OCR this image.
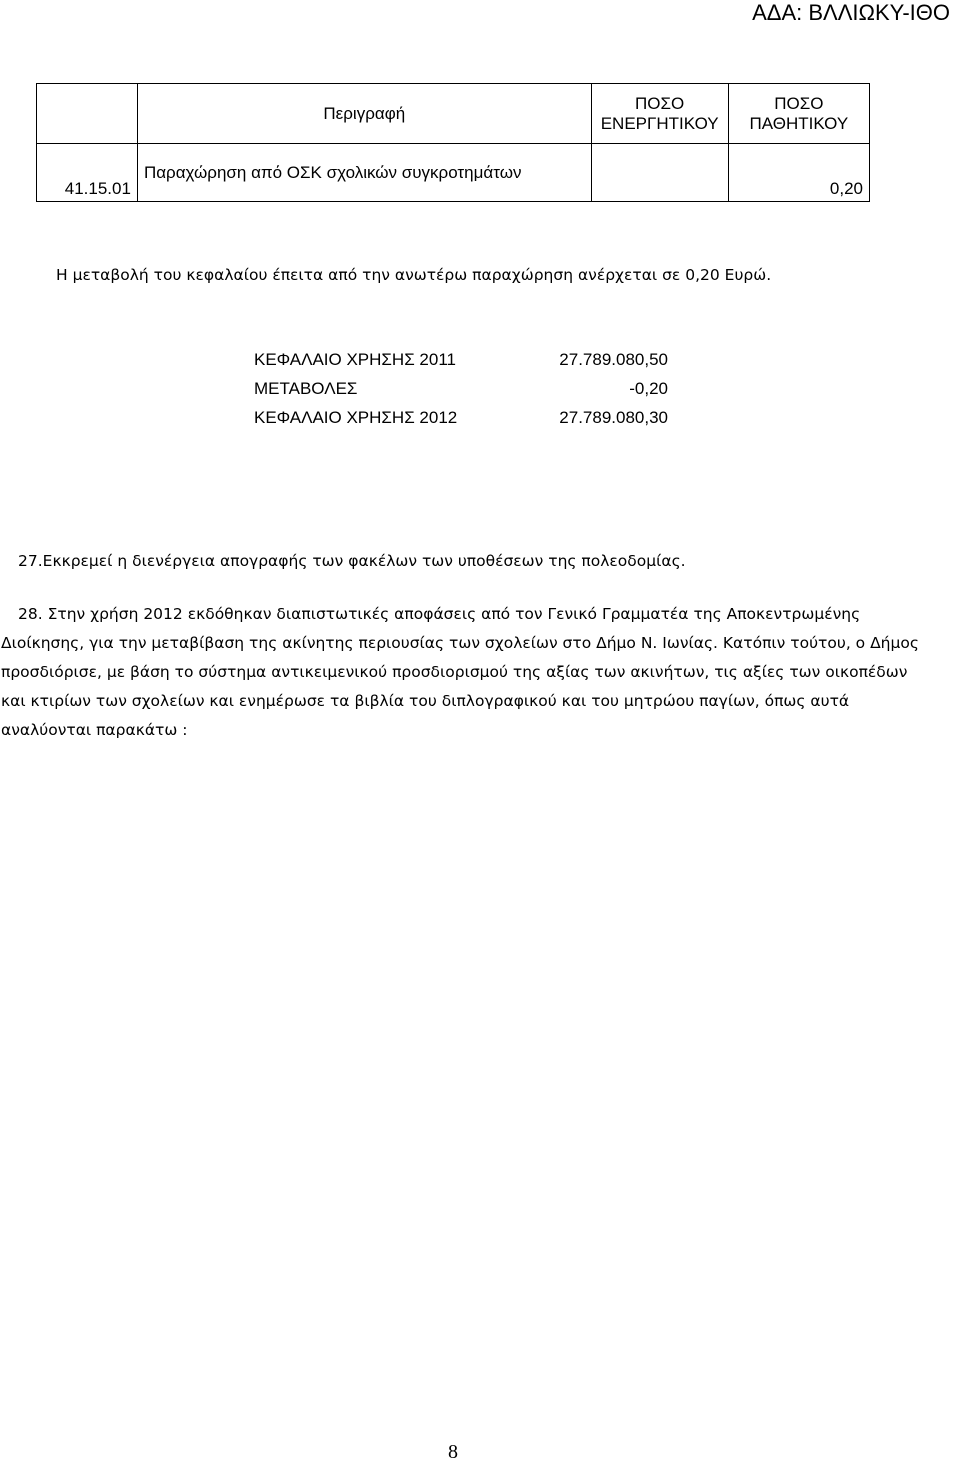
ΑΔΑ: ΒΛΛΙΩΚΥ-ΙΘΟ
	Περιγραφή	ΠΟΣΟ ΕΝΕΡΓΗΤΙΚΟΥ	ΠΟΣΟ ΠΑΘΗΤΙΚΟΥ
41.15.01	Παραχώρηση από ΟΣΚ σχολικών συγκροτημάτων		0,20
Η μεταβολή του κεφαλαίου έπειτα από την ανωτέρω παραχώρηση ανέρχεται σε 0,20 Ευρώ.
ΚΕΦΑΛΑΙΟ ΧΡΗΣΗΣ 2011	27.789.080,50
ΜΕΤΑΒΟΛΕΣ	-0,20
ΚΕΦΑΛΑΙΟ ΧΡΗΣΗΣ 2012	27.789.080,30
27.Εκκρεμεί η διενέργεια απογραφής των φακέλων των υποθέσεων της πολεοδομίας.
28. Στην χρήση 2012 εκδόθηκαν διαπιστωτικές αποφάσεις από τον Γενικό Γραμματέα της Αποκεντρωμένης Διοίκησης, για την μεταβίβαση της ακίνητης περιουσίας των σχολείων στο Δήμο Ν. Ιωνίας. Κατόπιν τούτου, ο Δήμος προσδιόρισε, με βάση το σύστημα αντικειμενικού προσδιορισμού της αξίας των ακινήτων, τις αξίες των οικοπέδων και κτιρίων των σχολείων και ενημέρωσε τα βιβλία του διπλογραφικού και του μητρώου παγίων, όπως αυτά αναλύονται παρακάτω :
8
